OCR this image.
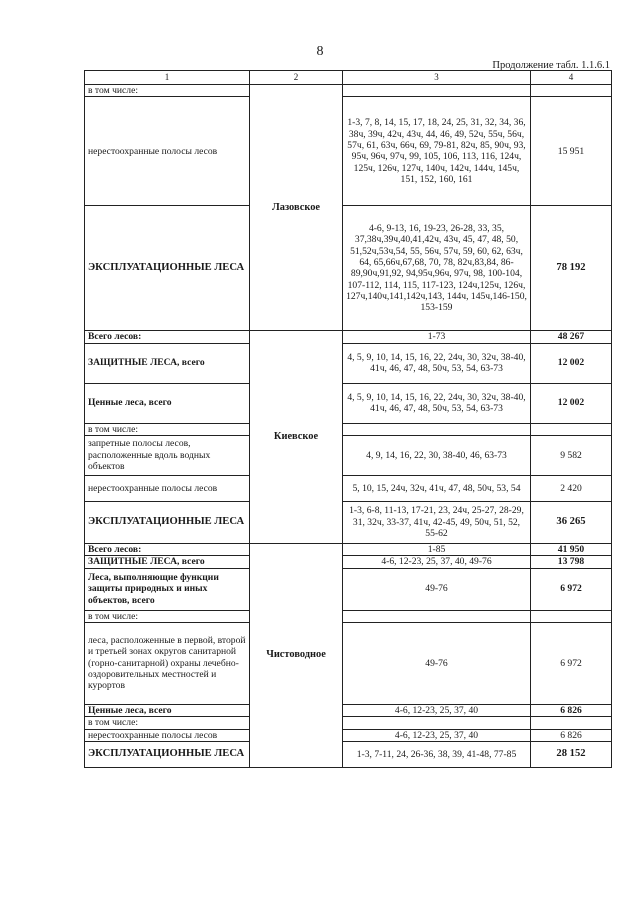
8
Продолжение табл. 1.1.6.1
1	2	3	4
в том числе:	Лазовское		
нерестоохранные полосы лесов		1-3, 7, 8, 14, 15, 17, 18, 24, 25, 31, 32, 34, 36, 38ч, 39ч, 42ч, 43ч, 44, 46, 49, 52ч, 55ч, 56ч, 57ч, 61, 63ч, 66ч, 69, 79-81, 82ч, 85, 90ч, 93, 95ч, 96ч, 97ч, 99, 105, 106, 113, 116, 124ч, 125ч, 126ч, 127ч, 140ч, 142ч, 144ч, 145ч, 151, 152, 160, 161	15 951
ЭКСПЛУАТАЦИОННЫЕ ЛЕСА		4-6, 9-13, 16, 19-23, 26-28, 33, 35, 37,38ч,39ч,40,41,42ч, 43ч, 45, 47, 48, 50, 51,52ч,53ч,54, 55, 56ч, 57ч, 59, 60, 62, 63ч, 64, 65,66ч,67,68, 70, 78, 82ч,83,84, 86-89,90ч,91,92, 94,95ч,96ч, 97ч, 98, 100-104, 107-112, 114, 115, 117-123, 124ч,125ч, 126ч, 127ч,140ч,141,142ч,143, 144ч, 145ч,146-150, 153-159	78 192
Всего лесов:	Киевское	1-73	48 267
ЗАЩИТНЫЕ ЛЕСА, всего		4, 5, 9, 10, 14, 15, 16, 22, 24ч, 30, 32ч, 38-40, 41ч, 46, 47, 48, 50ч, 53, 54, 63-73	12 002
Ценные леса, всего		4, 5, 9, 10, 14, 15, 16, 22, 24ч, 30, 32ч, 38-40, 41ч, 46, 47, 48, 50ч, 53, 54, 63-73	12 002
в том числе:			
запретные полосы лесов, расположенные вдоль водных объектов		4, 9, 14, 16, 22, 30, 38-40, 46, 63-73	9 582
нерестоохранные полосы лесов		5, 10, 15, 24ч, 32ч, 41ч, 47, 48, 50ч, 53, 54	2 420
ЭКСПЛУАТАЦИОННЫЕ ЛЕСА		1-3, 6-8, 11-13, 17-21, 23, 24ч, 25-27, 28-29, 31, 32ч, 33-37, 41ч, 42-45, 49, 50ч, 51, 52, 55-62	36 265
Всего лесов:	Чистоводное	1-85	41 950
ЗАЩИТНЫЕ ЛЕСА, всего		4-6, 12-23, 25, 37, 40, 49-76	13 798
Леса, выполняющие функции защиты природных и иных объектов, всего		49-76	6 972
в том числе:			
леса, расположенные в первой, второй и третьей зонах округов санитарной (горно-санитарной) охраны лечебно-оздоровительных местностей и курортов		49-76	6 972
Ценные леса, всего		4-6, 12-23, 25, 37, 40	6 826
в том числе:			
нерестоохранные полосы лесов		4-6, 12-23, 25, 37, 40	6 826
ЭКСПЛУАТАЦИОННЫЕ ЛЕСА		1-3, 7-11, 24, 26-36, 38, 39, 41-48, 77-85	28 152
